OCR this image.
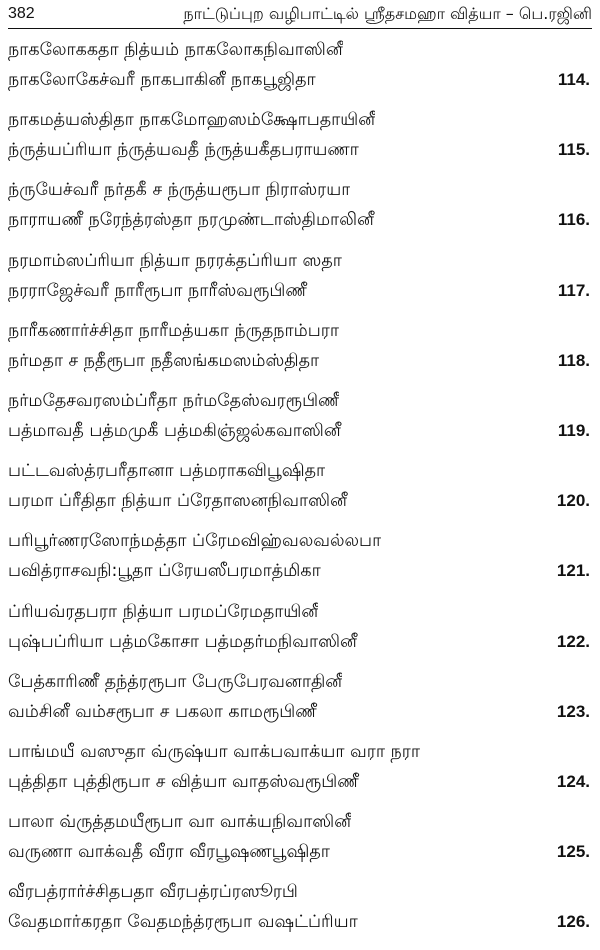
382	நாட்டுப்புற வழிபாட்டில் ஸ்ரீதசமஹா வித்யா – பெ.ரஜினி
நாகலோககதா நித்யம் நாகலோகநிவாஸினீ
நாகலோகேச்வரீ நாகபாகினீ நாகபூஜிதா	114.
நாகமத்யஸ்திதா நாகமோஹஸம்க்ஷோபதாயினீ
ந்ருத்யப்ரியா ந்ருத்யவதீ ந்ருத்யகீதபராயணா	115.
ந்ருயேச்வரீ நர்தகீ ச ந்ருத்யரூபா நிராஸ்ரயா
நாராயணீ நரேந்த்ரஸ்தா நரமுண்டாஸ்திமாலினீ	116.
நரமாம்ஸப்ரியா நித்யா நரரக்தப்ரியா ஸதா
நரராஜேச்வரீ நாரீரூபா நாரீஸ்வரூபிணீ	117.
நாரீகணார்ச்சிதா நாரீமத்யகா ந்ருதநாம்பரா
நர்மதா ச நதீரூபா நதீஸங்கமஸம்ஸ்திதா	118.
நர்மதேசவரஸம்ப்ரீதா நர்மதேஸ்வரரூபிணீ
பத்மாவதீ பத்மமுகீ பத்மகிஞ்ஜல்கவாஸினீ	119.
பட்டவஸ்த்ரபரீதானா பத்மராகவிபூஷிதா
பரமா ப்ரீதிதா நித்யா ப்ரேதாஸனநிவாஸினீ	120.
பரிபூர்ணரஸோந்மத்தா ப்ரேமவிஹ்வலவல்லபா
பவித்ராசவநி:பூதா ப்ரேயஸீபரமாத்மிகா	121.
ப்ரியவ்ரதபரா நித்யா பரமப்ரேமதாயினீ
புஷ்பப்ரியா பத்மகோசா பத்மதர்மநிவாஸினீ	122.
பேத்காரிணீ தந்த்ரரூபா பேருபேரவனாதினீ
வம்சினீ வம்சரூபா ச பகலா காமரூபிணீ	123.
பாங்மயீ வஸுதா வ்ருஷ்யா வாக்பவாக்யா வரா நரா
புத்திதா புத்திரூபா ச வித்யா வாதஸ்வரூபிணீ	124.
பாலா வ்ருத்தமயீரூபா வா வாக்யநிவாஸினீ
வருணா வாக்வதீ வீரா வீரபூஷணபூஷிதா	125.
வீரபத்ரார்ச்சிதபதா வீரபத்ரப்ரஸூரபி
வேதமார்கரதா வேதமந்த்ரரூபா வஷட்ப்ரியா	126.
